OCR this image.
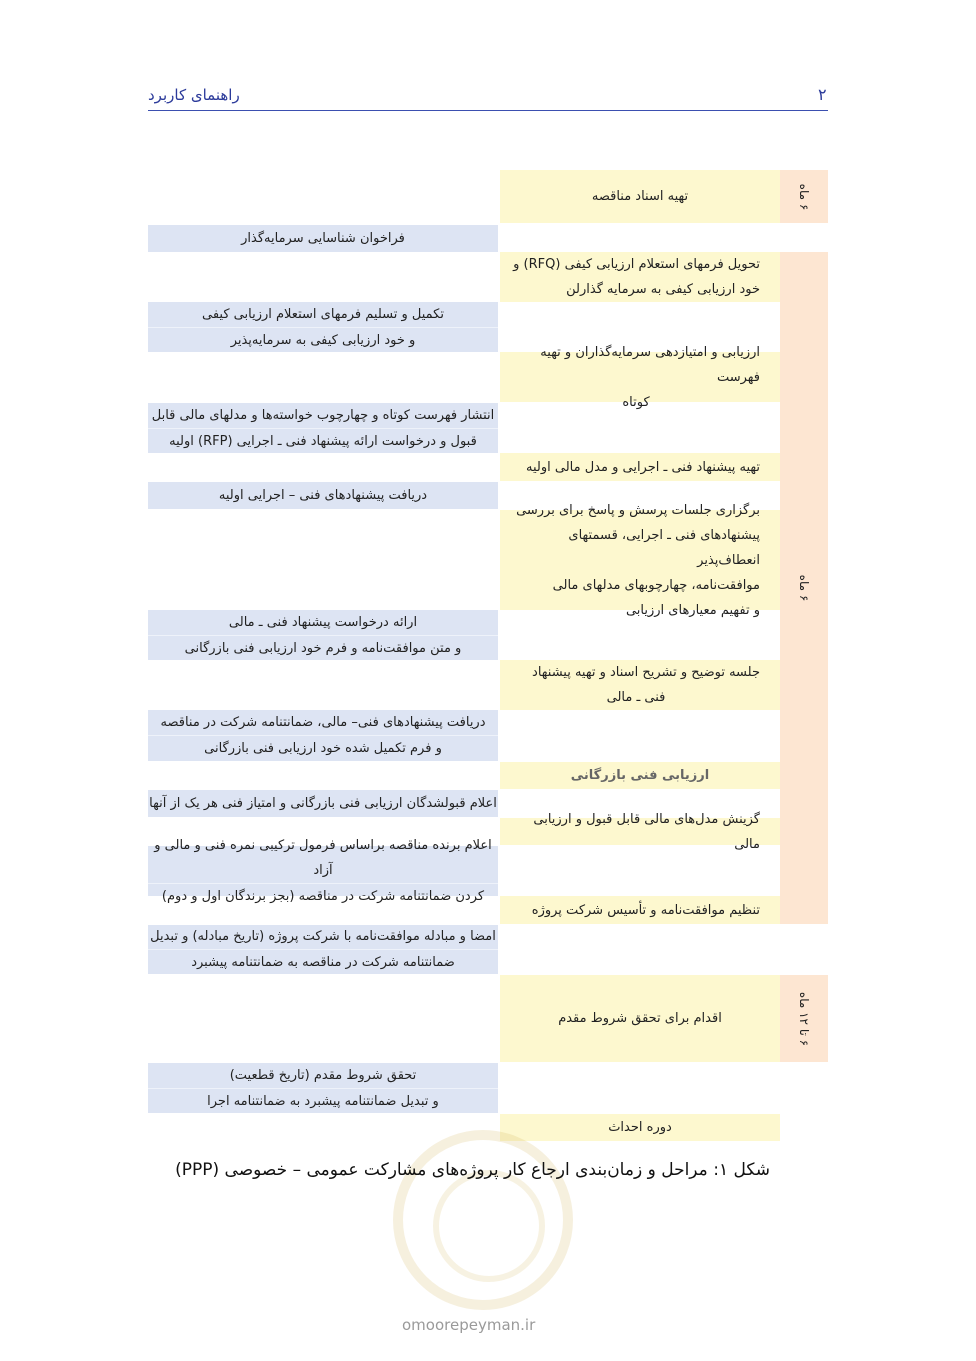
راهنمای کاربرد	۲
۶ ماه
۶ ماه
۶ تا ۱۲ ماه
تهیه اسناد مناقصه
تحویل فرمهای استعلام ارزیابی کیفی (RFQ) و
خود ارزیابی کیفی به سرمایه گذارلن
ارزیابی و امتیازدهی سرمایه‌گذاران و تهیه فهرست
کوتاه
تهیه پیشنهاد فنی ـ اجرایی و مدل مالی اولیه
برگزاری جلسات پرسش و پاسخ برای بررسی
پیشنهادهای فنی ـ اجرایی، قسمتهای انعطاف‌پذیر
موافقت‌نامه، چهارچوبهای مدلهای مالی
و تفهیم معیارهای ارزیابی
جلسه توضیح و تشریح اسناد و تهیه پیشنهاد
فنی ـ مالی
ارزیابی فنی بازرگانی
گزینش مدل‌های مالی قابل قبول و ارزیابی مالی
تنظیم موافقت‌نامه و تأسیس شرکت پروژه
اقدام برای تحقق شروط مقدم
دوره احداث
فراخوان شناسایی سرمایه‌گذار
تکمیل و تسلیم فرمهای استعلام ارزیابی کیفی
و خود ارزیابی کیفی به سرمایه‌پذیر
انتشار فهرست کوتاه و چهارچوب خواسته‌ها و مدلهای مالی قابل
قبول و درخواست ارائه پیشنهاد فنی ـ اجرایی (RFP) اولیه
دریافت پیشنهادهای فنی – اجرایی اولیه
ارائه درخواست پیشنهاد فنی ـ مالی
و متن موافقت‌نامه و فرم خود ارزیابی فنی بازرگانی
دریافت پیشنهادهای فنی– مالی، ضمانتنامه شرکت در مناقصه
و فرم تکمیل شده خود ارزیابی فنی بازرگانی
اعلام قبولشدگان ارزیابی فنی بازرگانی و امتیاز فنی هر یک از آنها
اعلام برنده مناقصه براساس فرمول ترکیبی نمره فنی و مالی و آزاد
کردن ضمانتنامه شرکت در مناقصه (بجز برندگان اول و دوم)
امضا و مبادله موافقت‌نامه با شرکت پروژه (تاریخ مبادله) و تبدیل
ضمانتنامه شرکت در مناقصه به ضمانتنامه پیشبرد
تحقق شروط مقدم (تاریخ قطعیت)
و تبدیل ضمانتنامه پیشبرد به ضمانتنامه اجرا
شکل ۱: مراحل و زمان‌بندی ارجاع کار پروژه‌های مشارکت عمومی – خصوصی (PPP)
omoorepeyman.ir
